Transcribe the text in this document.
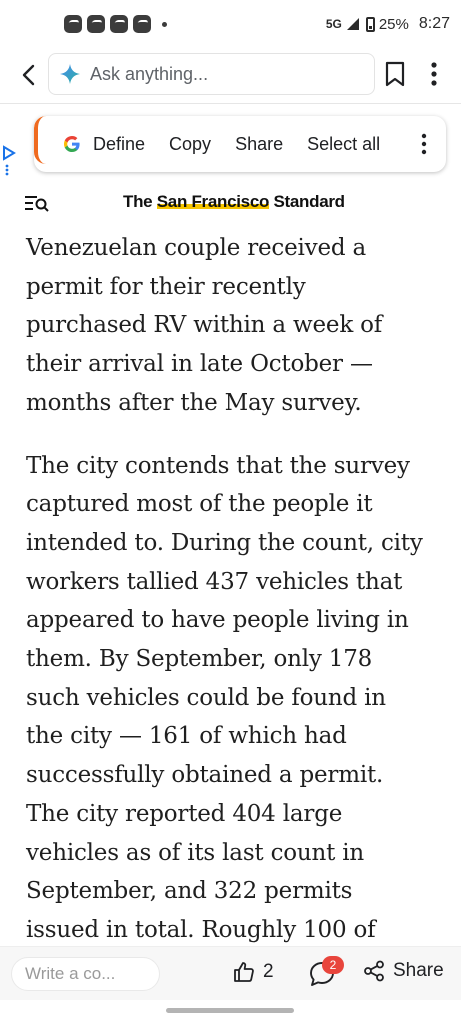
5G 25% 8:27
Ask anything...
Define Copy Share Select all
The San Francisco Standard

Venezuelan couple received a
permit for their recently
purchased RV within a week of
their arrival in late October —
months after the May survey.

The city contends that the survey
captured most of the people it
intended to. During the count, city
workers tallied 437 vehicles that
appeared to have people living in
them. By September, only 178
such vehicles could be found in
the city — 161 of which had
successfully obtained a permit.
The city reported 404 large
vehicles as of its last count in
September, and 322 permits
issued in total. Roughly 100 of

Write a co...	2	Share
2
